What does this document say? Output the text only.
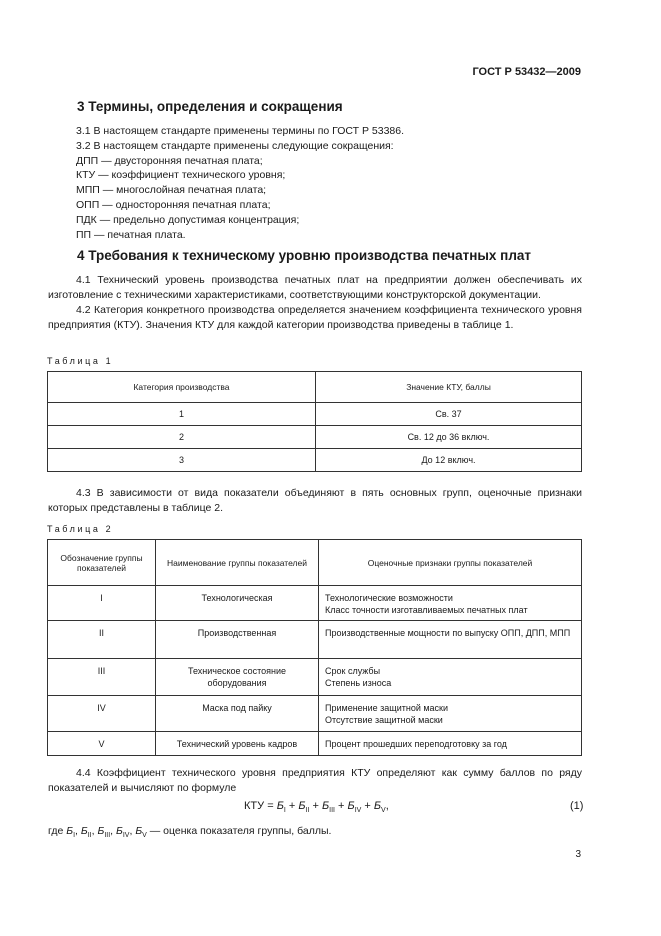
ГОСТ Р 53432—2009
3 Термины, определения и сокращения
3.1 В настоящем стандарте применены термины по ГОСТ Р 53386.
3.2 В настоящем стандарте применены следующие сокращения:
ДПП — двусторонняя печатная плата;
КТУ — коэффициент технического уровня;
МПП — многослойная печатная плата;
ОПП — односторонняя печатная плата;
ПДК — предельно допустимая концентрация;
ПП — печатная плата.
4 Требования к техническому уровню производства печатных плат
4.1 Технический уровень производства печатных плат на предприятии должен обеспечивать их изготовление с техническими характеристиками, соответствующими конструкторской документации.
4.2 Категория конкретного производства определяется значением коэффициента технического уровня предприятия (КТУ). Значения КТУ для каждой категории производства приведены в таблице 1.
Таблица 1
Категория производства	Значение КТУ, баллы
1	Св. 37
2	Св. 12 до 36 включ.
3	До 12 включ.
4.3 В зависимости от вида показатели объединяют в пять основных групп, оценочные признаки которых представлены в таблице 2.
Таблица 2
Обозначение группы показателей	Наименование группы показателей	Оценочные признаки группы показателей
I	Технологическая	Технологические возможности
Класс точности изготавливаемых печатных плат
II	Производственная	Производственные мощности по выпуску ОПП, ДПП, МПП
III	Техническое состояние оборудования	Срок службы
Степень износа
IV	Маска под пайку	Применение защитной маски
Отсутствие защитной маски
V	Технический уровень кадров	Процент прошедших переподготовку за год
4.4 Коэффициент технического уровня предприятия КТУ определяют как сумму баллов по ряду показателей и вычисляют по формуле
КТУ = $Б_I + Б_{II} + Б_{III} + Б_{IV} + Б_V$,	(1)
где $Б_I$, $Б_{II}$, $Б_{III}$, $Б_{IV}$, $Б_V$ — оценка показателя группы, баллы.
3
